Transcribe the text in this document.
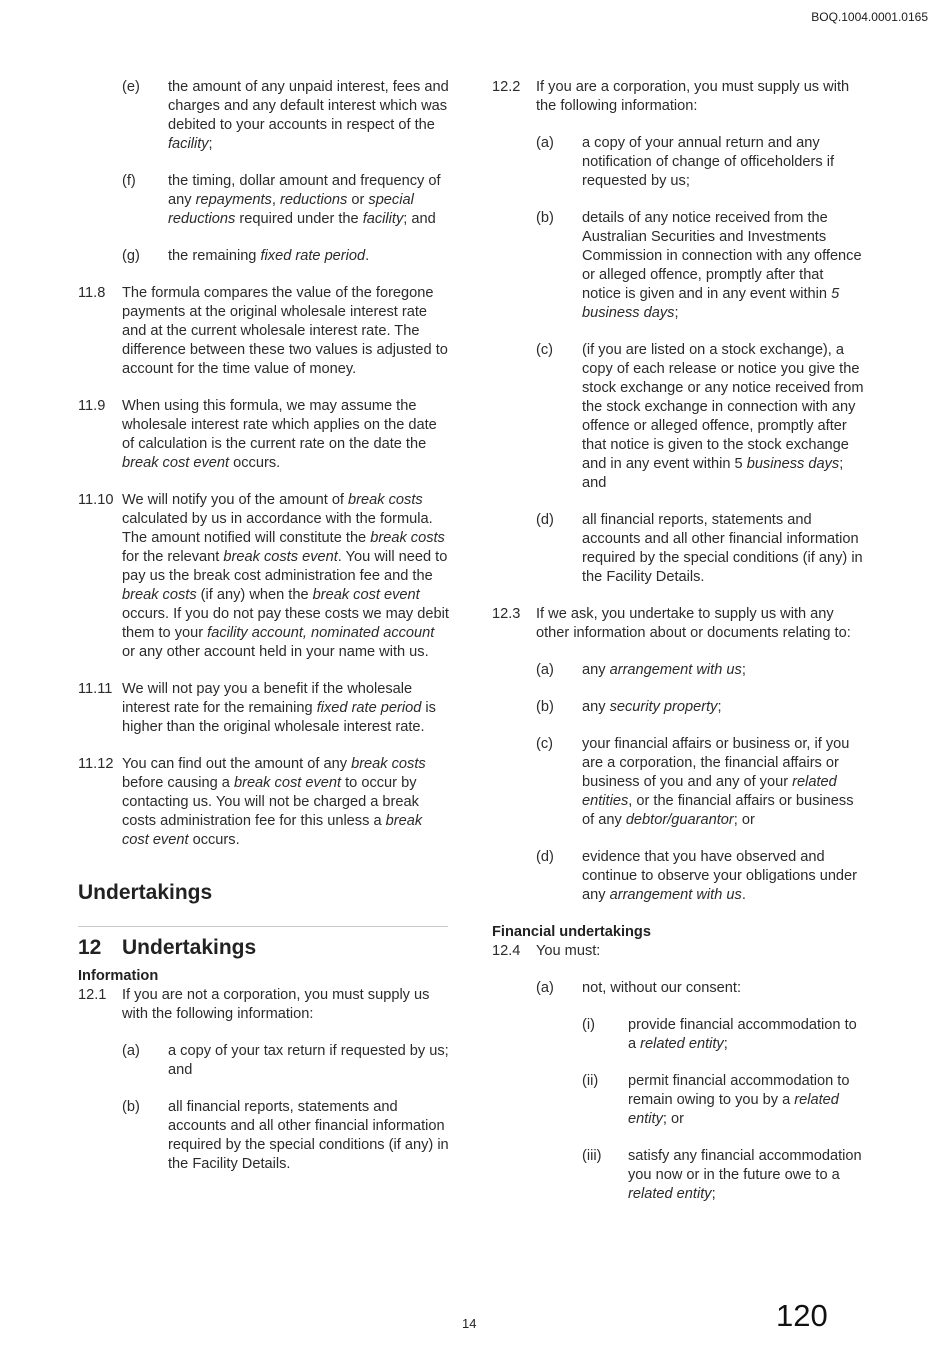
BOQ.1004.0001.0165
(e)	the amount of any unpaid interest, fees and charges and any default interest which was debited to your accounts in respect of the facility;
(f)	the timing, dollar amount and frequency of any repayments, reductions or special reductions required under the facility; and
(g)	the remaining fixed rate period.
11.8	The formula compares the value of the foregone payments at the original wholesale interest rate and at the current wholesale interest rate. The difference between these two values is adjusted to account for the time value of money.
11.9	When using this formula, we may assume the wholesale interest rate which applies on the date of calculation is the current rate on the date the break cost event occurs.
11.10 We will notify you of the amount of break costs calculated by us in accordance with the formula. The amount notified will constitute the break costs for the relevant break costs event. You will need to pay us the break cost administration fee and the break costs (if any) when the break cost event occurs. If you do not pay these costs we may debit them to your facility account, nominated account or any other account held in your name with us.
11.11 We will not pay you a benefit if the wholesale interest rate for the remaining fixed rate period is higher than the original wholesale interest rate.
11.12 You can find out the amount of any break costs before causing a break cost event to occur by contacting us. You will not be charged a break costs administration fee for this unless a break cost event occurs.
Undertakings
12 Undertakings
Information
12.1	If you are not a corporation, you must supply us with the following information:
(a)	a copy of your tax return if requested by us; and
(b)	all financial reports, statements and accounts and all other financial information required by the special conditions (if any) in the Facility Details.
12.2	If you are a corporation, you must supply us with the following information:
(a)	a copy of your annual return and any notification of change of officeholders if requested by us;
(b)	details of any notice received from the Australian Securities and Investments Commission in connection with any offence or alleged offence, promptly after that notice is given and in any event within 5 business days;
(c)	(if you are listed on a stock exchange), a copy of each release or notice you give the stock exchange or any notice received from the stock exchange in connection with any offence or alleged offence, promptly after that notice is given to the stock exchange and in any event within 5 business days; and
(d)	all financial reports, statements and accounts and all other financial information required by the special conditions (if any) in the Facility Details.
12.3	If we ask, you undertake to supply us with any other information about or documents relating to:
(a)	any arrangement with us;
(b)	any security property;
(c)	your financial affairs or business or, if you are a corporation, the financial affairs or business of you and any of your related entities, or the financial affairs or business of any debtor/guarantor; or
(d)	evidence that you have observed and continue to observe your obligations under any arrangement with us.
Financial undertakings
12.4	You must:
(a)	not, without our consent:
(i)	provide financial accommodation to a related entity;
(ii)	permit financial accommodation to remain owing to you by a related entity; or
(iii)	satisfy any financial accommodation you now or in the future owe to a related entity;
14	120
